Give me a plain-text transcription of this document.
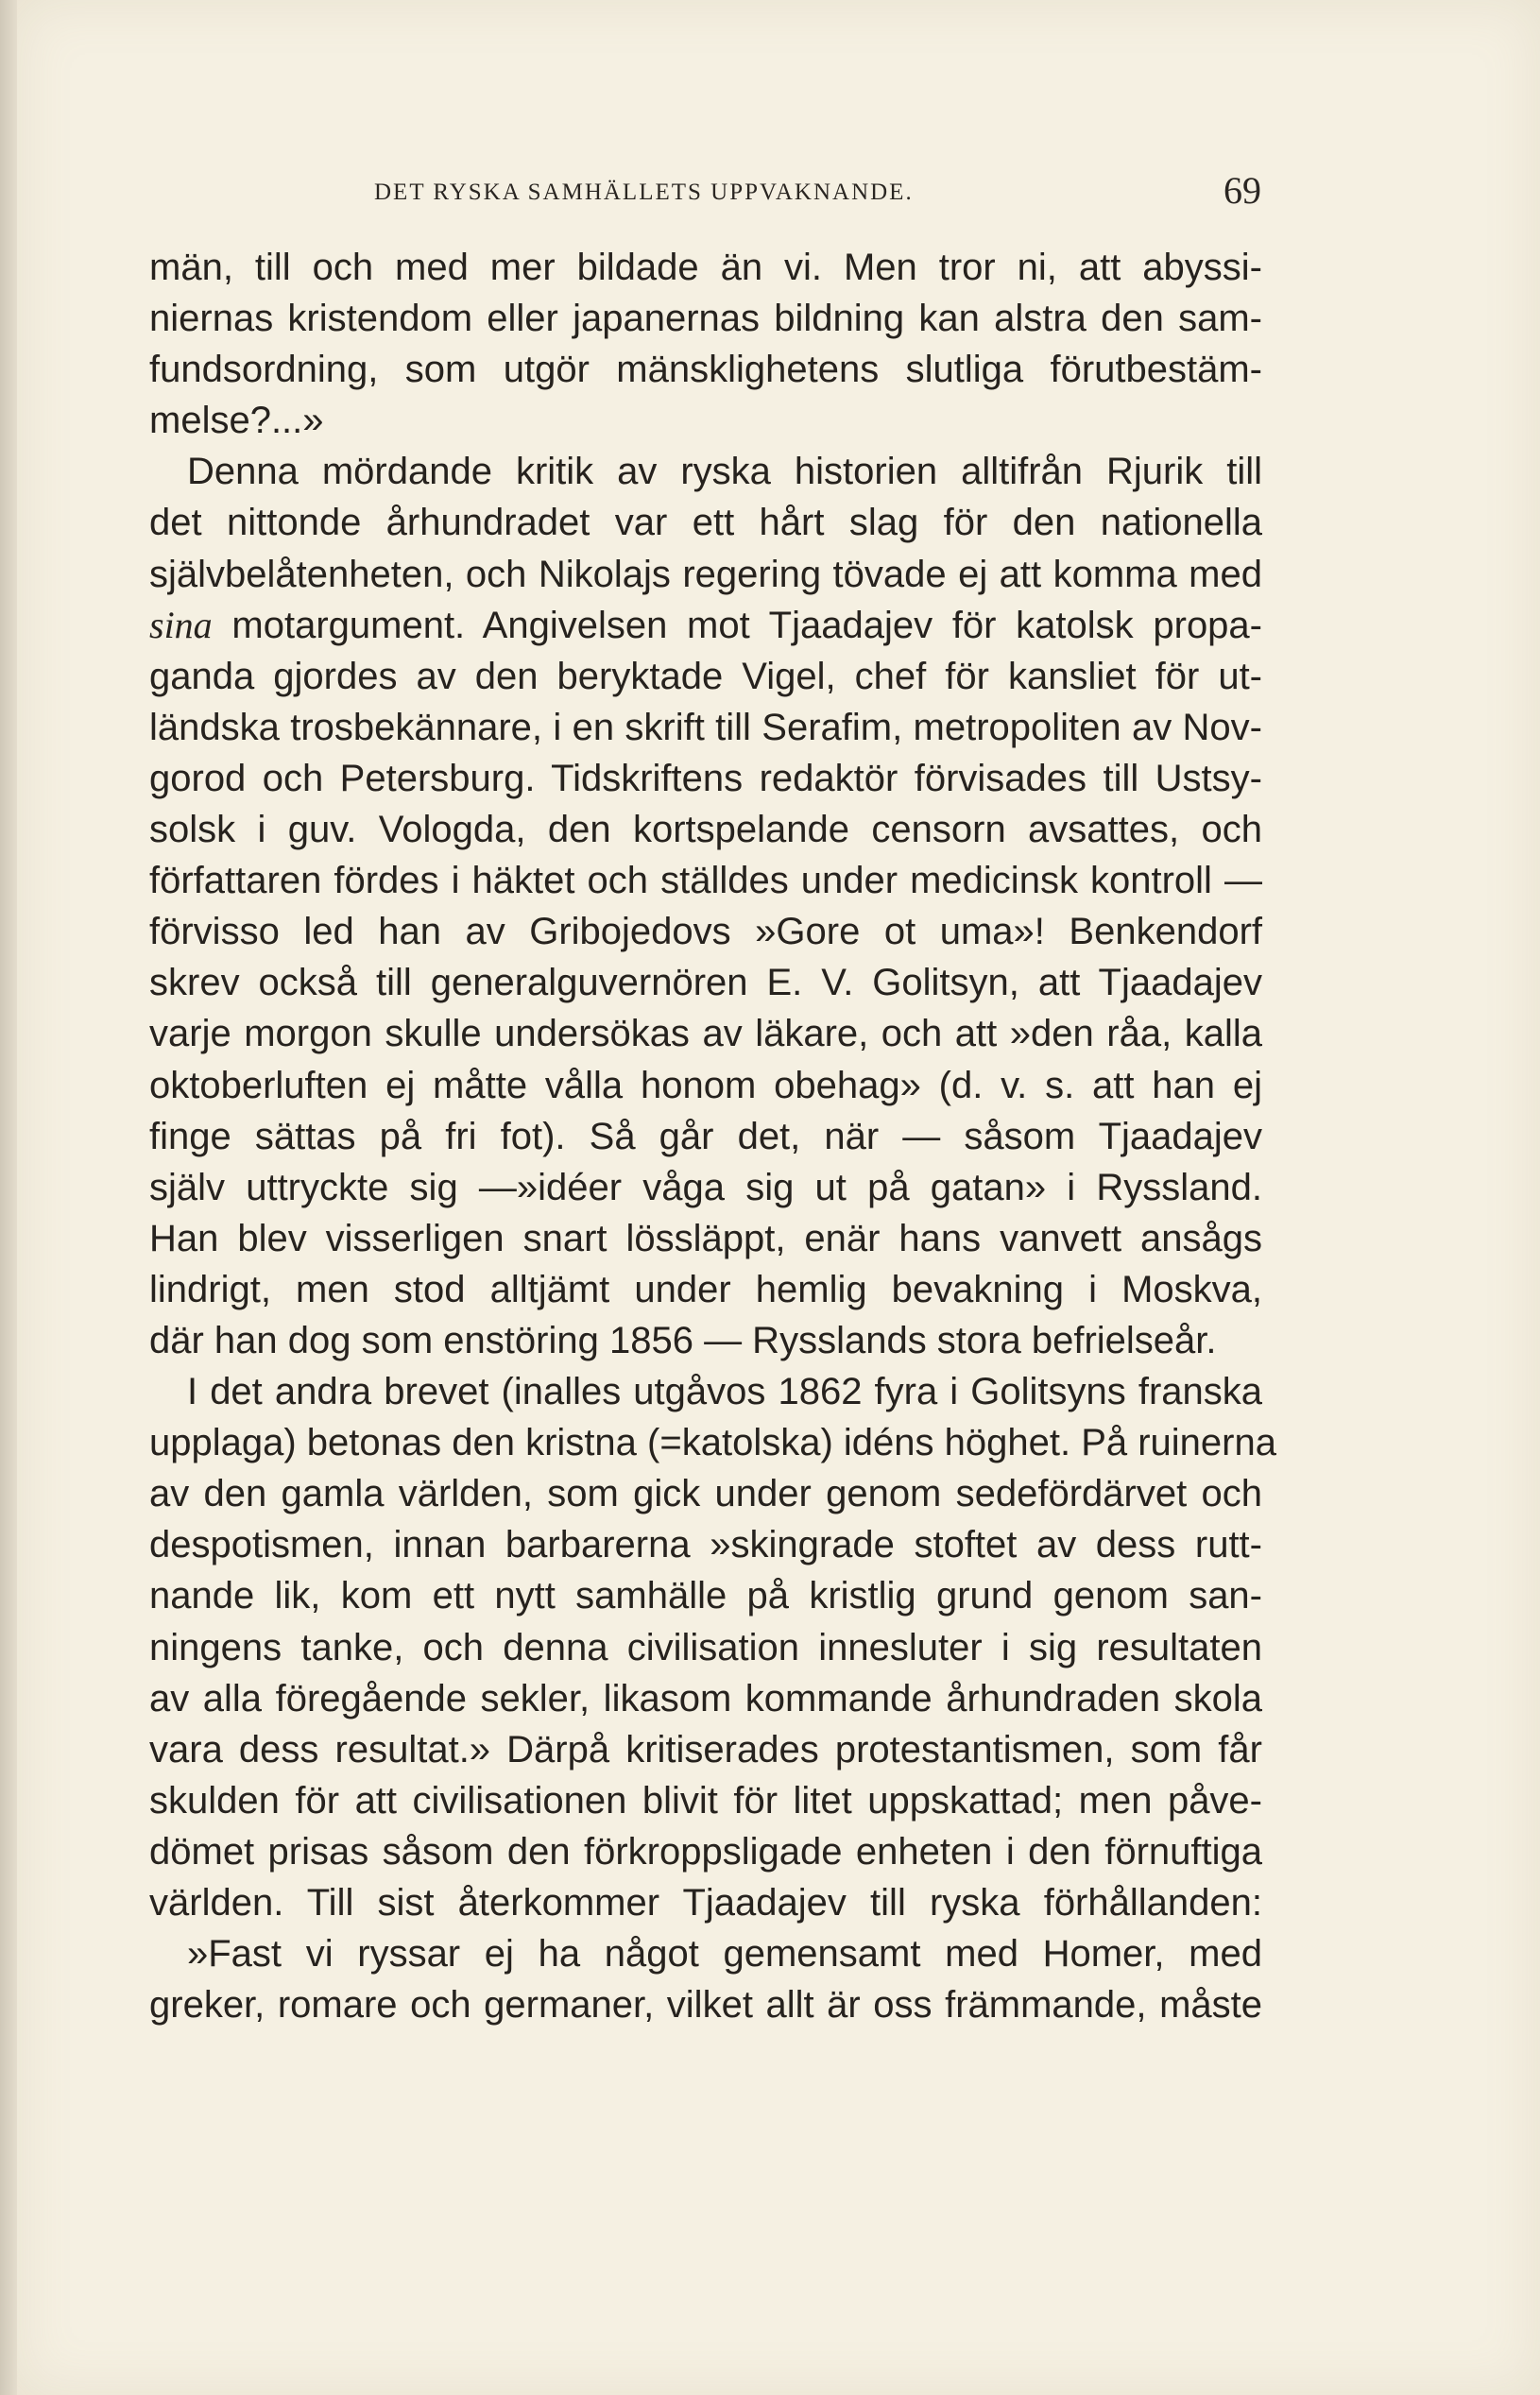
DET RYSKA SAMHÄLLETS UPPVAKNANDE.	69
män, till och med mer bildade än vi. Men tror ni, att abyssi-
niernas kristendom eller japanernas bildning kan alstra den sam-
fundsordning, som utgör mänsklighetens slutliga förutbestäm-
melse?...»
Denna mördande kritik av ryska historien alltifrån Rjurik till
det nittonde århundradet var ett hårt slag för den nationella
självbelåtenheten, och Nikolajs regering tövade ej att komma med
sina motargument. Angivelsen mot Tjaadajev för katolsk propa-
ganda gjordes av den beryktade Vigel, chef för kansliet för ut-
ländska trosbekännare, i en skrift till Serafim, metropoliten av Nov-
gorod och Petersburg. Tidskriftens redaktör förvisades till Ustsy-
solsk i guv. Vologda, den kortspelande censorn avsattes, och
författaren fördes i häktet och ställdes under medicinsk kontroll —
förvisso led han av Gribojedovs »Gore ot uma»! Benkendorf
skrev också till generalguvernören E. V. Golitsyn, att Tjaadajev
varje morgon skulle undersökas av läkare, och att »den råa, kalla
oktoberluften ej måtte vålla honom obehag» (d. v. s. att han ej
finge sättas på fri fot). Så går det, när — såsom Tjaadajev
själv uttryckte sig —»idéer våga sig ut på gatan» i Ryssland.
Han blev visserligen snart lössläppt, enär hans vanvett ansågs
lindrigt, men stod alltjämt under hemlig bevakning i Moskva,
där han dog som enstöring 1856 — Rysslands stora befrielseår.
I det andra brevet (inalles utgåvos 1862 fyra i Golitsyns franska
upplaga) betonas den kristna (=katolska) idéns höghet. På ruinerna
av den gamla världen, som gick under genom sedefördärvet och
despotismen, innan barbarerna »skingrade stoftet av dess rutt-
nande lik, kom ett nytt samhälle på kristlig grund genom san-
ningens tanke, och denna civilisation innesluter i sig resultaten
av alla föregående sekler, likasom kommande århundraden skola
vara dess resultat.» Därpå kritiserades protestantismen, som får
skulden för att civilisationen blivit för litet uppskattad; men påve-
dömet prisas såsom den förkroppsligade enheten i den förnuftiga
världen. Till sist återkommer Tjaadajev till ryska förhållanden:
»Fast vi ryssar ej ha något gemensamt med Homer, med
greker, romare och germaner, vilket allt är oss främmande, måste
